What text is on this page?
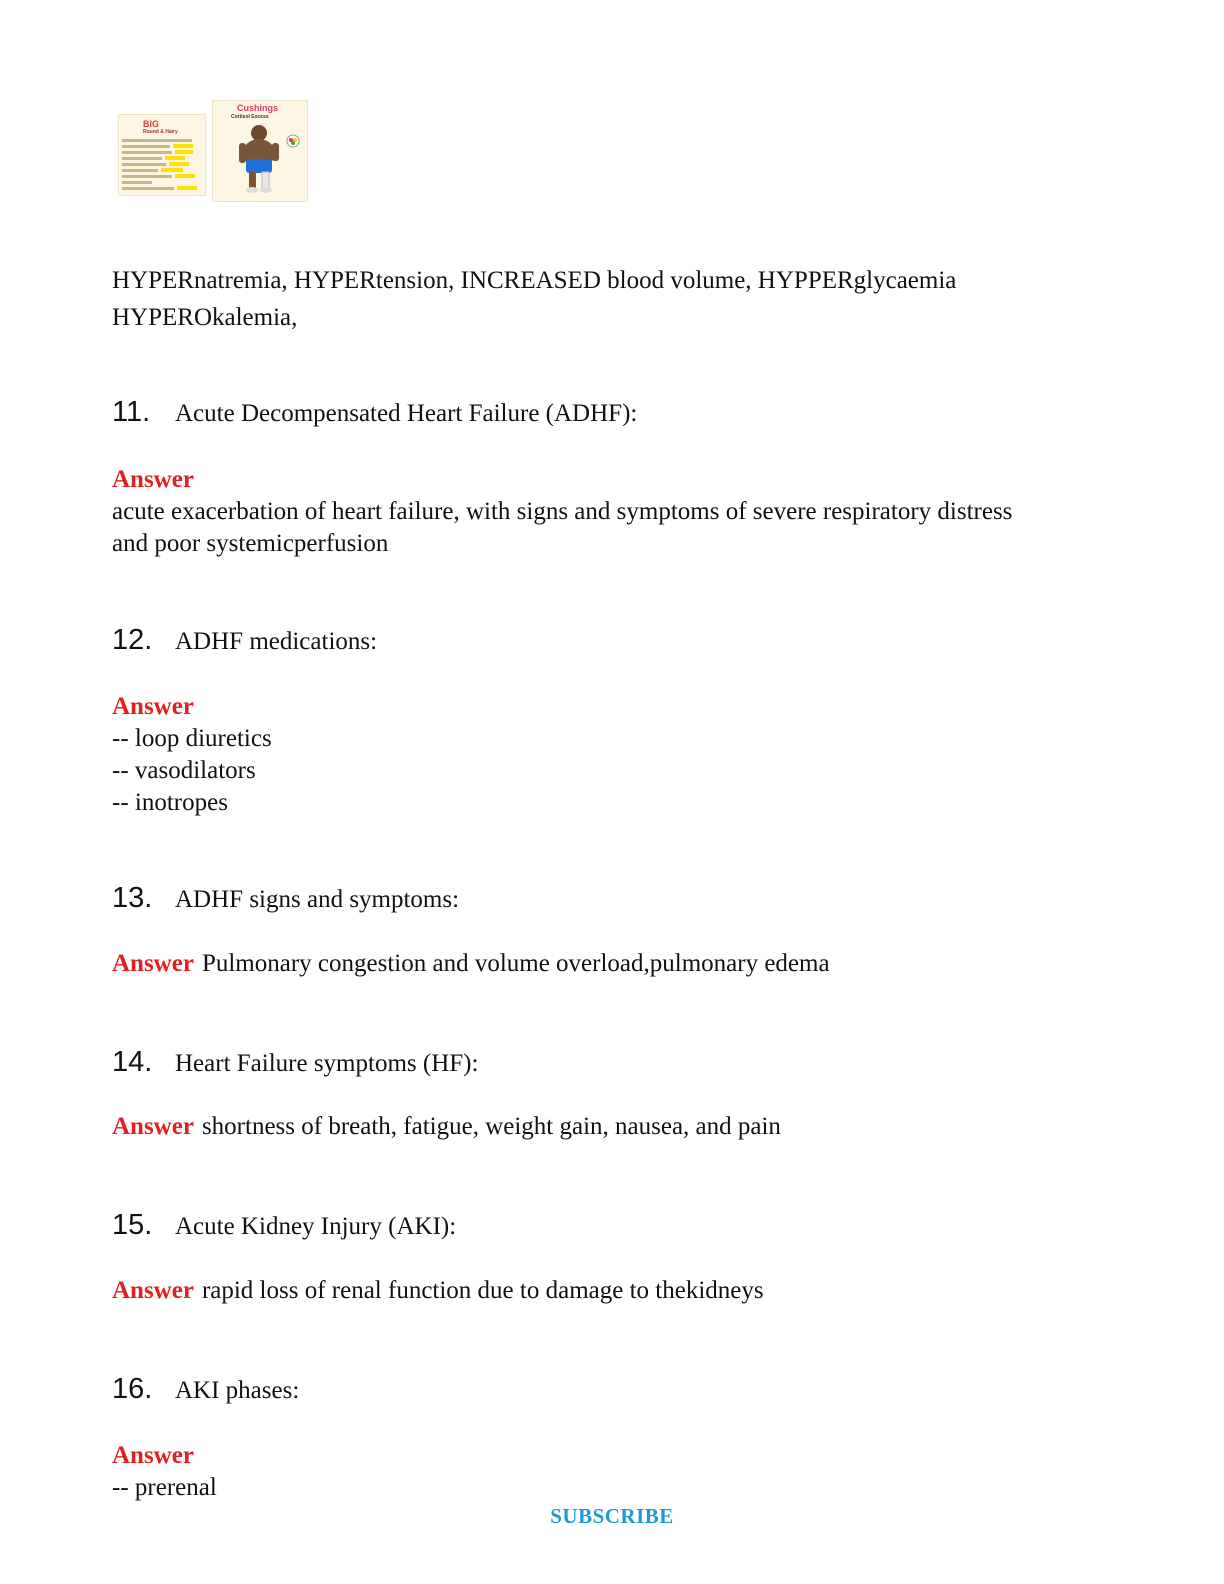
BIG
Round & Hairy
Cushings
Cortisol Excess
HYPERnatremia, HYPERtension, INCREASED blood volume, HYPPERglycaemia
HYPEROkalemia,
11. Acute Decompensated Heart Failure (ADHF):
Answer
acute exacerbation of heart failure, with signs and symptoms of severe respiratory distress
and poor systemicperfusion
12. ADHF medications:
Answer
-- loop diuretics
-- vasodilators
-- inotropes
13. ADHF signs and symptoms:
Answer Pulmonary congestion and volume overload,pulmonary edema
14. Heart Failure symptoms (HF):
Answer shortness of breath, fatigue, weight gain, nausea, and pain
15. Acute Kidney Injury (AKI):
Answer rapid loss of renal function due to damage to thekidneys
16. AKI phases:
Answer
-- prerenal
SUBSCRIBE
